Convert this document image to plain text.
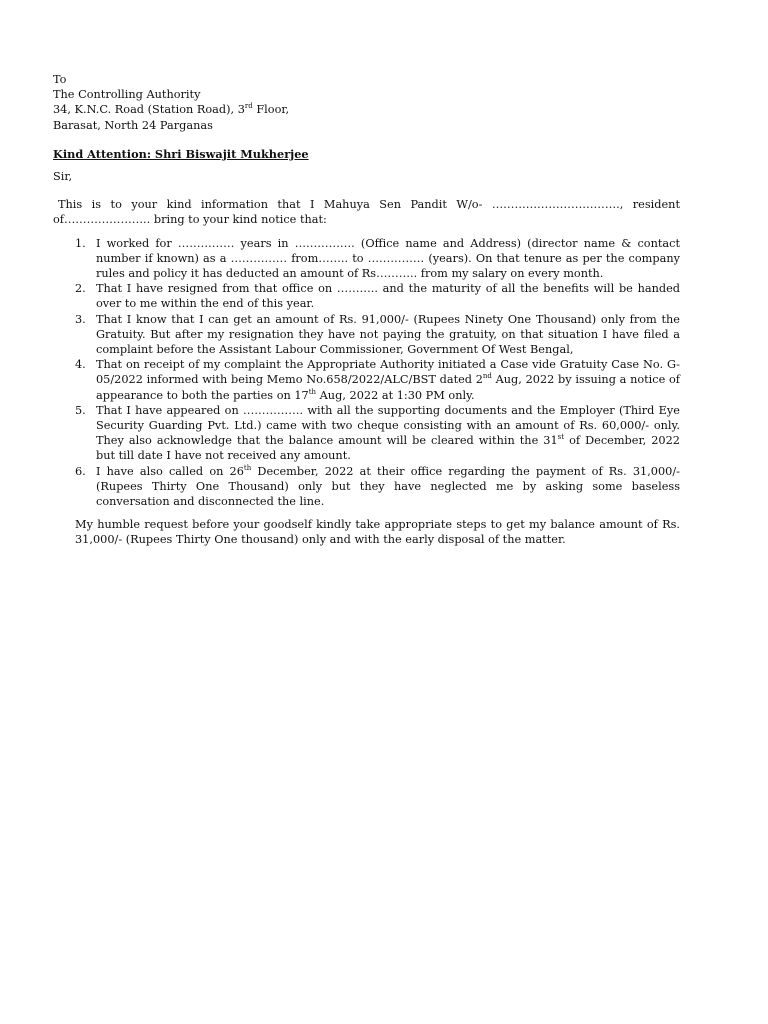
To
The Controlling Authority
34, K.N.C. Road (Station Road), 3rd Floor,
Barasat, North 24 Parganas
Kind Attention: Shri Biswajit Mukherjee
Sir,
This is to your kind information that I Mahuya Sen Pandit W/o- ……………………………., resident of………………….. bring to your kind notice that:
1. I worked for …………… years in ……………. (Office name and Address) (director name & contact number if known) as a …………… from…….. to …………… (years). On that tenure as per the company rules and policy it has deducted an amount of Rs……….. from my salary on every month.
2. That I have resigned from that office on ……….. and the maturity of all the benefits will be handed over to me within the end of this year.
3. That I know that I can get an amount of Rs. 91,000/- (Rupees Ninety One Thousand) only from the Gratuity. But after my resignation they have not paying the gratuity, on that situation I have filed a complaint before the Assistant Labour Commissioner, Government Of West Bengal,
4. That on receipt of my complaint the Appropriate Authority initiated a Case vide Gratuity Case No. G-05/2022 informed with being Memo No.658/2022/ALC/BST dated 2nd Aug, 2022 by issuing a notice of appearance to both the parties on 17th Aug, 2022 at 1:30 PM only.
5. That I have appeared on ……………. with all the supporting documents and the Employer (Third Eye Security Guarding Pvt. Ltd.) came with two cheque consisting with an amount of Rs. 60,000/- only. They also acknowledge that the balance amount will be cleared within the 31st of December, 2022 but till date I have not received any amount.
6. I have also called on 26th December, 2022 at their office regarding the payment of Rs. 31,000/- (Rupees Thirty One Thousand) only but they have neglected me by asking some baseless conversation and disconnected the line.
My humble request before your goodself kindly take appropriate steps to get my balance amount of Rs. 31,000/- (Rupees Thirty One thousand) only and with the early disposal of the matter.
